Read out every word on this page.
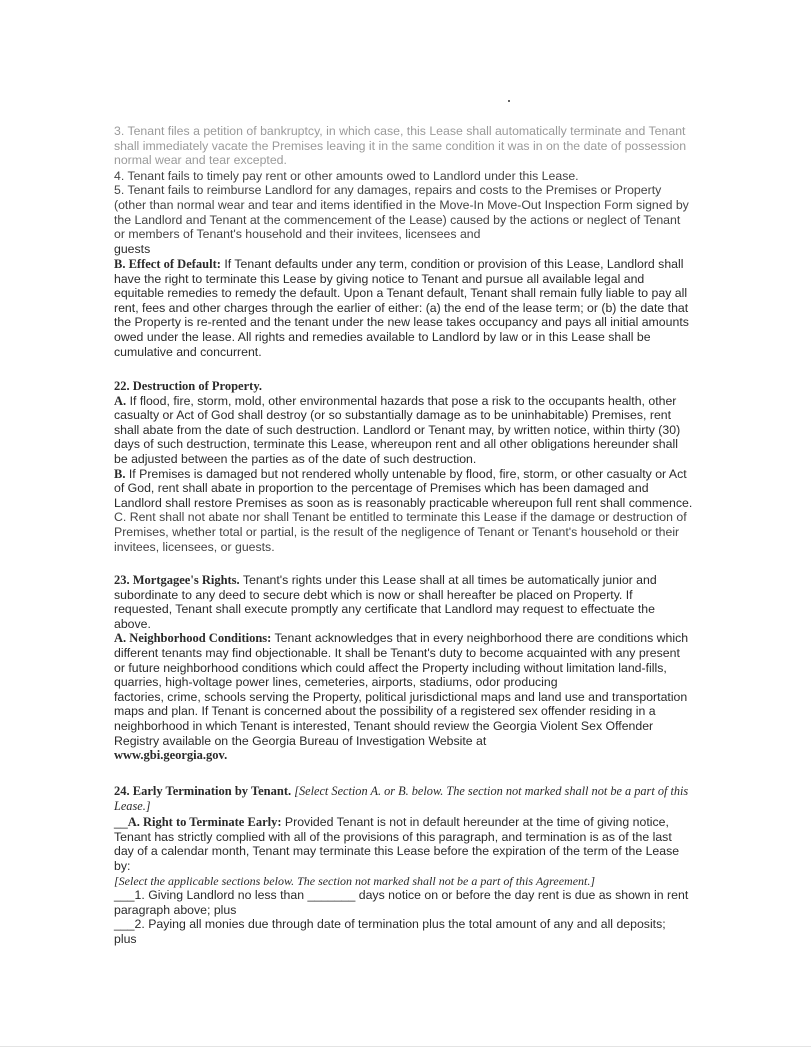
3. Tenant files a petition of bankruptcy, in which case, this Lease shall automatically terminate and Tenant
shall immediately vacate the Premises leaving it in the same condition it was in on the date of possession
normal wear and tear excepted.
4. Tenant fails to timely pay rent or other amounts owed to Landlord under this Lease.
5. Tenant fails to reimburse Landlord for any damages, repairs and costs to the Premises or Property (other than normal wear and tear and items identified in the Move-In Move-Out Inspection Form signed by the Landlord and Tenant at the commencement of the Lease) caused by the actions or neglect of Tenant or members of Tenant's household and their invitees, licensees and
guests
B. Effect of Default: If Tenant defaults under any term, condition or provision of this Lease, Landlord shall have the right to terminate this Lease by giving notice to Tenant and pursue all available legal and equitable remedies to remedy the default. Upon a Tenant default, Tenant shall remain fully liable to pay all rent, fees and other charges through the earlier of either: (a) the end of the lease term; or (b) the date that the Property is re-rented and the tenant under the new lease takes occupancy and pays all initial amounts owed under the lease. All rights and remedies available to Landlord by law or in this Lease shall be cumulative and concurrent.
22. Destruction of Property.
A. If flood, fire, storm, mold, other environmental hazards that pose a risk to the occupants health, other casualty or Act of God shall destroy (or so substantially damage as to be uninhabitable) Premises, rent shall abate from the date of such destruction. Landlord or Tenant may, by written notice, within thirty (30) days of such destruction, terminate this Lease, whereupon rent and all other obligations hereunder shall be adjusted between the parties as of the date of such destruction.
B. If Premises is damaged but not rendered wholly untenable by flood, fire, storm, or other casualty or Act of God, rent shall abate in proportion to the percentage of Premises which has been damaged and Landlord shall restore Premises as soon as is reasonably practicable whereupon full rent shall commence.
C. Rent shall not abate nor shall Tenant be entitled to terminate this Lease if the damage or destruction of Premises, whether total or partial, is the result of the negligence of Tenant or Tenant's household or their invitees, licensees, or guests.
23. Mortgagee's Rights. Tenant's rights under this Lease shall at all times be automatically junior and subordinate to any deed to secure debt which is now or shall hereafter be placed on Property. If requested, Tenant shall execute promptly any certificate that Landlord may request to effectuate the above.
A. Neighborhood Conditions: Tenant acknowledges that in every neighborhood there are conditions which different tenants may find objectionable. It shall be Tenant's duty to become acquainted with any present or future neighborhood conditions which could affect the Property including without limitation land-fills, quarries, high-voltage power lines, cemeteries, airports, stadiums, odor producing
factories, crime, schools serving the Property, political jurisdictional maps and land use and transportation maps and plan. If Tenant is concerned about the possibility of a registered sex offender residing in a neighborhood in which Tenant is interested, Tenant should review the Georgia Violent Sex Offender Registry available on the Georgia Bureau of Investigation Website at
www.gbi.georgia.gov.
24. Early Termination by Tenant. [Select Section A. or B. below. The section not marked shall not be a part of this Lease.]
__A. Right to Terminate Early: Provided Tenant is not in default hereunder at the time of giving notice, Tenant has strictly complied with all of the provisions of this paragraph, and termination is as of the last day of a calendar month, Tenant may terminate this Lease before the expiration of the term of the Lease by:
[Select the applicable sections below. The section not marked shall not be a part of this Agreement.]
___1. Giving Landlord no less than _______ days notice on or before the day rent is due as shown in rent
paragraph above; plus
___2. Paying all monies due through date of termination plus the total amount of any and all deposits;
plus
